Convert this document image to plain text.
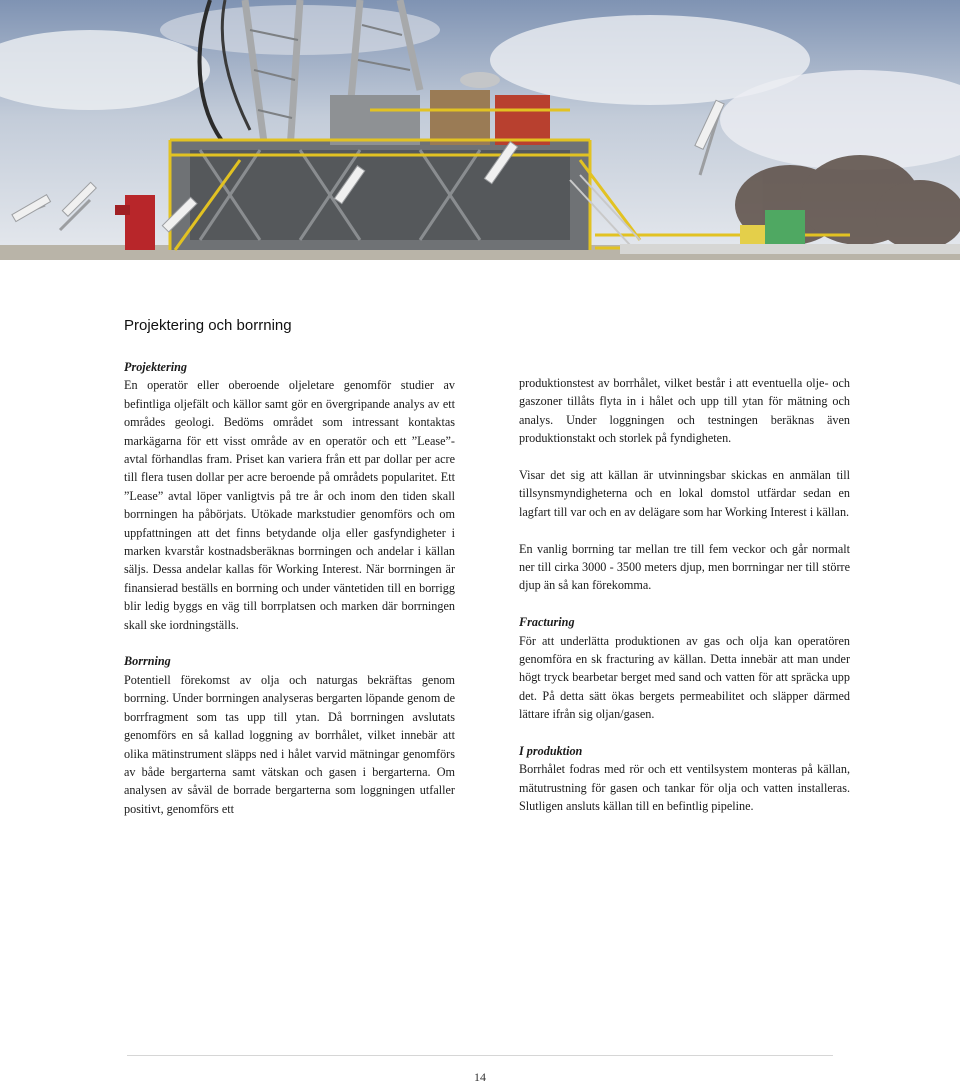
Projektering och borrning

Projektering
En operatör eller oberoende oljeletare genomför studier av befintliga oljefält och källor samt gör en övergripande analys av ett områdes geologi. Bedöms området som intressant kontaktas markägarna för ett visst område av en operatör och ett ”Lease”-avtal förhandlas fram. Priset kan variera från ett par dollar per acre till flera tusen dollar per acre beroende på områdets popularitet. Ett ”Lease” avtal löper vanligtvis på tre år och inom den tiden skall borrningen ha påbörjats. Utökade markstudier genomförs och om uppfattningen att det finns betydande olja eller gasfyndigheter i marken kvarstår kostnadsberäknas borrningen och andelar i källan säljs. Dessa andelar kallas för Working Interest. När borrningen är finansierad beställs en borrning och under väntetiden till en borrigg blir ledig byggs en väg till borrplatsen och marken där borrningen skall ske iordningställs.

Borrning
Potentiell förekomst av olja och naturgas bekräftas genom borrning. Under borrningen analyseras bergarten löpande genom de borrfragment som tas upp till ytan. Då borrningen avslutats genomförs en så kallad loggning av borrhålet, vilket innebär att olika mätinstrument släpps ned i hålet varvid mätningar genomförs av både bergarterna samt vätskan och gasen i bergarterna. Om analysen av såväl de borrade bergarterna som loggningen utfaller positivt, genomförs ett

produktionstest av borrhålet, vilket består i att eventuella olje- och gaszoner tillåts flyta in i hålet och upp till ytan för mätning och analys. Under loggningen och testningen beräknas även produktionstakt och storlek på fyndigheten.

Visar det sig att källan är utvinningsbar skickas en anmälan till tillsynsmyndigheterna och en lokal domstol utfärdar sedan en lagfart till var och en av delägare som har Working Interest i källan.

En vanlig borrning tar mellan tre till fem veckor och går normalt ner till cirka 3000 - 3500 meters djup, men borrningar ner till större djup än så kan förekomma.

Fracturing
För att underlätta produktionen av gas och olja kan operatören genomföra en sk fracturing av källan. Detta innebär att man under högt tryck bearbetar berget med sand och vatten för att spräcka upp det. På detta sätt ökas bergets permeabilitet och släpper därmed lättare ifrån sig oljan/gasen.

I produktion
Borrhålet fodras med rör och ett ventilsystem monteras på källan, mätutrustning för gasen och tankar för olja och vatten installeras. Slutligen ansluts källan till en befintlig pipeline.

14
